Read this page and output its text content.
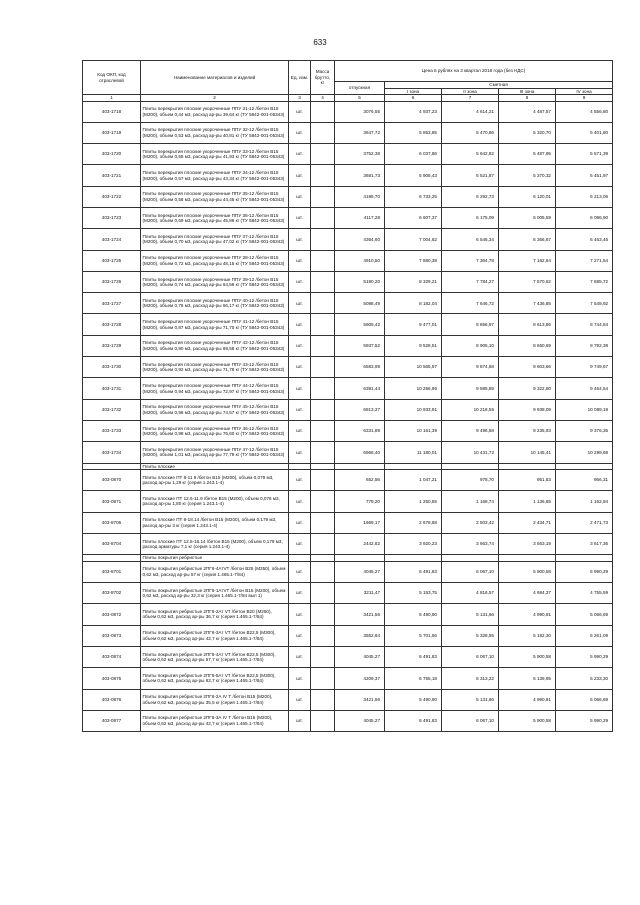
633
Код ОКП, код отраслевой	Наименование материалов и изделий	Ед. изм.	Масса брутто, кг	Цена в рублях на 3 квартал 2016 года (без НДС)				
				отпускная	Сметная			
					I зона	II зона	III зона	IV зона
1	2	3	4	5	6	7	8	9
403-1718	Плиты перекрытия плоские укороченные ППУ 31-12 /бетон В15 (М200), объем 0,44 м3, расход ар-ры 39,64 кг (ТУ 5842-001-05343)	шт.		3076,55	4 937,23	4 614,21	4 487,57	4 556,80
403-1719	Плиты перекрытия плоские укороченные ППУ 32-12 /бетон В15 (М200), объем 0,53 м3, расход ар-ры 40,81 кг (ТУ 5842-001-05343)	шт.		3647,72	5 853,85	5 470,86	5 320,70	5 401,80
403-1720	Плиты перекрытия плоские укороченные ППУ 33-12 /бетон В15 (М200), объем 0,55 м3, расход ар-ры 41,93 кг (ТУ 5842-001-05343)	шт.		3752,38	6 037,86	5 642,82	5 487,95	5 571,39
403-1721	Плиты перекрытия плоские укороченные ППУ 34-12 /бетон В15 (М200), объем 0,57 м3, расход ар-ры 43,34 кг (ТУ 5842-001-05343)	шт.		3681,73	5 908,43	5 521,87	5 370,32	5 451,97
403-1722	Плиты перекрытия плоские укороченные ППУ 35-12 /бетон В15 (М200), объем 0,58 м3, расход ар-ры 44,45 кг (ТУ 5842-001-05343)	шт.		4195,70	6 733,25	6 292,73	6 120,01	6 213,06
403-1723	Плиты перекрытия плоские укороченные ППУ 36-12 /бетон В15 (М200), объем 0,69 м3, расход ар-ры 45,86 кг (ТУ 5842-001-05343)	шт.		4117,28	6 607,37	6 175,09	6 005,59	6 096,90
403-1724	Плиты перекрытия плоские укороченные ППУ 37-12 /бетон В15 (М200), объем 0,70 м3, расход ар-ры 47,02 кг (ТУ 5842-001-05343)	шт.		4364,60	7 004,62	6 546,34	6 366,67	6 463,46
403-1725	Плиты перекрытия плоские укороченные ППУ 38-12 /бетон В15 (М200), объем 0,72 м3, расход ар-ры 48,15 кг (ТУ 5842-001-05343)	шт.		4910,50	7 880,38	7 364,78	7 162,64	7 271,54
403-1726	Плиты перекрытия плоские укороченные ППУ 39-12 /бетон В15 (М200), объем 0,74 м3, расход ар-ры 64,56 кг (ТУ 5842-001-05343)	шт.		5190,20	8 329,21	7 784,27	7 570,62	7 685,72
403-1727	Плиты перекрытия плоские укороченные ППУ 40-12 /бетон В15 (М200), объем 0,76 м3, расход ар-ры 66,17 кг (ТУ 5842-001-05343)	шт.		5098,49	8 182,04	7 646,72	7 436,85	7 549,92
403-1728	Плиты перекрытия плоские укороченные ППУ 41-12 /бетон В15 (М200), объем 0,87 м3, расход ар-ры 71,70 кг (ТУ 5842-001-05343)	шт.		5905,42	9 477,01	8 856,97	8 613,86	8 744,84
403-1729	Плиты перекрытия плоские укороченные ППУ 42-12 /бетон В15 (М200), объем 0,90 м3, расход ар-ры 69,58 кг (ТУ 5842-001-05343)	шт.		5937,52	9 528,51	8 905,10	8 660,69	8 792,38
403-1730	Плиты перекрытия плоские укороченные ППУ 43-12 /бетон В15 (М200), объем 0,92 м3, расход ар-ры 71,78 кг (ТУ 5842-001-05343)	шт.		6583,99	10 565,97	9 874,68	9 603,66	9 749,67
403-1731	Плиты перекрытия плоские укороченные ППУ 44-12 /бетон В15 (М200), объем 0,94 м3, расход ар-ры 72,97 кг (ТУ 5842-001-05343)	шт.		6391,44	10 256,96	9 585,89	9 322,80	9 464,54
403-1732	Плиты перекрытия плоские укороченные ППУ 45-12 /бетон В15 (М200), объем 0,96 м3, расход ар-ры 74,57 кг (ТУ 5842-001-05343)	шт.		6813,27	10 933,91	10 218,55	9 938,09	10 089,19
403-1733	Плиты перекрытия плоские укороченные ППУ 46-12 /бетон В15 (М200), объем 0,98 м3, расход ар-ры 76,60 кг (ТУ 5842-001-05343)	шт.		6331,89	10 161,39	9 496,58	9 235,93	9 376,35
403-1734	Плиты перекрытия плоские укороченные ППУ 47-12 /бетон В15 (М200), объем 1,01 м3, расход ар-ры 77,79 кг (ТУ 5842-001-05343)	шт.		6966,40	11 180,01	10 431,72	10 145,41	10 299,68
	Плиты плоские							
403-0870	Плиты плоские ПТ 8-11 9 /бетон В15 (М200), объем 0,079 м3, расход ар-ры 1,29 кг (серия 1.243.1-4)	шт.		652,56	1 047,21	978,70	951,83	966,31
403-0871	Плиты плоские ПТ 12.5-11.9 /бетон В15 (М200), объем 0,076 м3, расход ар-ры 1,80 кг (серия 1.243.1-4)	шт.		779,20	1 250,55	1 168,74	1 136,65	1 152,94
403-8706	Плиты плоские ПТ 8-18.14 /бетон В15 (М200), объем 0,179 м3, расход ар-ры 3 кг (серия 1.243.1-4)	шт.		1669,17	2 678,68	2 503,42	2 434,71	2 471,73
403-8704	Плиты плоские ПТ 12.5-16.14 /бетон В15 (М200), объем 0,179 м3, расход арматуры 7,1 кг (серия 1.243.1-4)	шт.		2442,82	3 920,23	3 663,74	3 563,19	3 617,36
	Плиты покрытия ребристые							
403-8701	Плиты покрытия ребристые 2ПГ6-4АтVT /бетон В25 (М350), объем 0,62 м3, расход ар-ры 57 кг (серия 1.465.1-7/84)	шт.		4045,27	6 491,83	6 067,10	5 900,58	5 990,29
403-8702	Плиты покрытия ребристые 2ПГ6-1АтVT /бетон В15 (М200), объем 0,62 м3, расход ар-ры 32,3 кг (серия 1.465.1-7/84 вып 1)	шт.		3211,47	5 153,75	4 816,57	4 684,37	4 755,59
403-0872	Плиты покрытия ребристые 2ПГ6-2Ат VT /бетон В20 (М250), объем 0,62 м3, расход ар-ры 36,7 кг (серия 1.465.1-7/84)	шт.		3421,56	5 490,90	5 131,66	4 990,81	5 066,69
403-0873	Плиты покрытия ребристые 2ПГ6-3Ат VT /бетон В22,5 (М300), объем 0,62 м3, расход ар-ры 42,7 кг (серия 1.465.1-7/84)	шт.		3552,84	5 701,56	5 328,55	5 182,30	5 261,09
403-0874	Плиты покрытия ребристые 2ПГ6-4Ат VT /бетон В22,5 (М300), объем 0,62 м3, расход ар-ры 57,7 кг (серия 1.465.1-7/84)	шт.		4045,27	6 491,83	6 067,10	5 900,58	5 990,29
403-0875	Плиты покрытия ребристые 2ПГ6-5Ат VT /бетон В22,5 (М300), объем 0,62 м3, расход ар-ры 62,7 кг (серия 1.465.1-7/84)	шт.		4209,37	6 755,18	6 313,22	6 139,95	6 233,30
403-0876	Плиты покрытия ребристые 2ПГ6-2А IV Т /бетон В15 (М200), объем 0,62 м3, расход ар-ры 35,5 кг (серия 1.465.1-7/84)	шт.		3421,56	5 490,90	5 131,66	4 990,81	5 066,69
403-0877	Плиты покрытия ребристые 2ПГ6-3А IV Т /бетон В15 (М200), объем 0,62 м3, расход ар-ры 42,7 кг (серия 1.465.1-7/84)	шт.		4045,27	6 491,83	6 067,10	5 900,58	5 990,29
